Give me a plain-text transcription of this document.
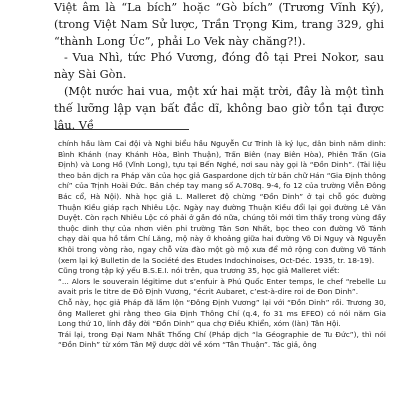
Việt âm là “La bích” hoặc “Gò bích” (Trương Vĩnh Ký), (trong Việt Nam Sử lược, Trần Trọng Kim, trang 329, ghi “thành Long Úc”, phải Lo Vek này chăng?!).

- Vua Nhì, tức Phó Vương, đóng đô tại Prei Nokor, sau này Sài Gòn.

(Một nước hai vua, một xứ hai mặt trời, đây là một tình thế lưỡng lập vạn bất đắc dĩ, không bao giờ tồn tại được lâu. Về

chính hầu làm Cai đội và Nghi biểu hầu Nguyễn Cư Trinh là ký lục, dân binh năm dinh: Bình Khánh (nay Khánh Hòa, Bình Thuận), Trấn Biên (nay Biên Hòa), Phiên Trấn (Gia Định) và Long Hồ (Vĩnh Long), tựu tại Bến Nghé, nơi sau này gọi là “Đồn Dinh”. (Tài liệu theo bản dịch ra Pháp văn của học giả Gaspardone dịch từ bản chữ Hán “Gia Định thông chí” của Trịnh Hoài Đức. Bản chép tay mang số A.708q. 9-4, fo 12 của trường Viễn Đông Bác cổ, Hà Nội). Nhà học giả L. Malleret độ chừng “Đồn Dinh” ở tại chỗ góc đường Thuận Kiều giáp rạch Nhiêu Lộc. Ngày nay đường Thuận Kiều đổi lại gọi đường Lê Văn Duyệt. Còn rạch Nhiêu Lộc có phải ở gần đó nữa, chúng tôi mới tìm thấy trong vùng đầy thuộc dinh thự của nhơn viên phi trường Tân Sơn Nhất, bọc theo con đường Võ Tánh chạy dài qua hồ tắm Chí Lăng, mộ này ở khoảng giữa hai đường Võ Di Nguy và Nguyễn Khôi trong vòng rào, ngay chỗ vừa đào một gò mộ xưa để mở rộng con đường Võ Tánh (xem lại ký Bulletin de la Société des Etudes Indochinoises, Oct-Déc. 1935, tr. 18-19).

Cũng trong tập ký yếu B.S.E.I. nói trên, qua trương 35, học giả Malleret viết:

“... Alors le souverain légitime dut s’enfuir à Phú Quốc Enter temps, le chef “rebelle Lu avait pris le titre de Đô Định Vương, “écrit Aubaret, c’est-à-dire roi de Đon Dinh”.

Chỗ này, học giả Pháp đã lầm lộn “Đông Định Vương” lại với “Đồn Dinh” rồi. Trương 30, ông Malleret ghi rằng theo Gia Định Thông Chí (q.4, fo 31 ms EFEO) có nói năm Gia Long thứ 10, lính đầy đời “Đồn Dinh” qua chợ Điều Khiển, xóm (làn) Tân Hội.

Trái lại, trong Đại Nam Nhất Thống Chí (Pháp dịch “la Géographie de Tu Đức”), thì nói “Đồn Dinh” từ xóm Tân Mỹ dược dời về xóm “Tân Thuận”. Tác giả, ông
